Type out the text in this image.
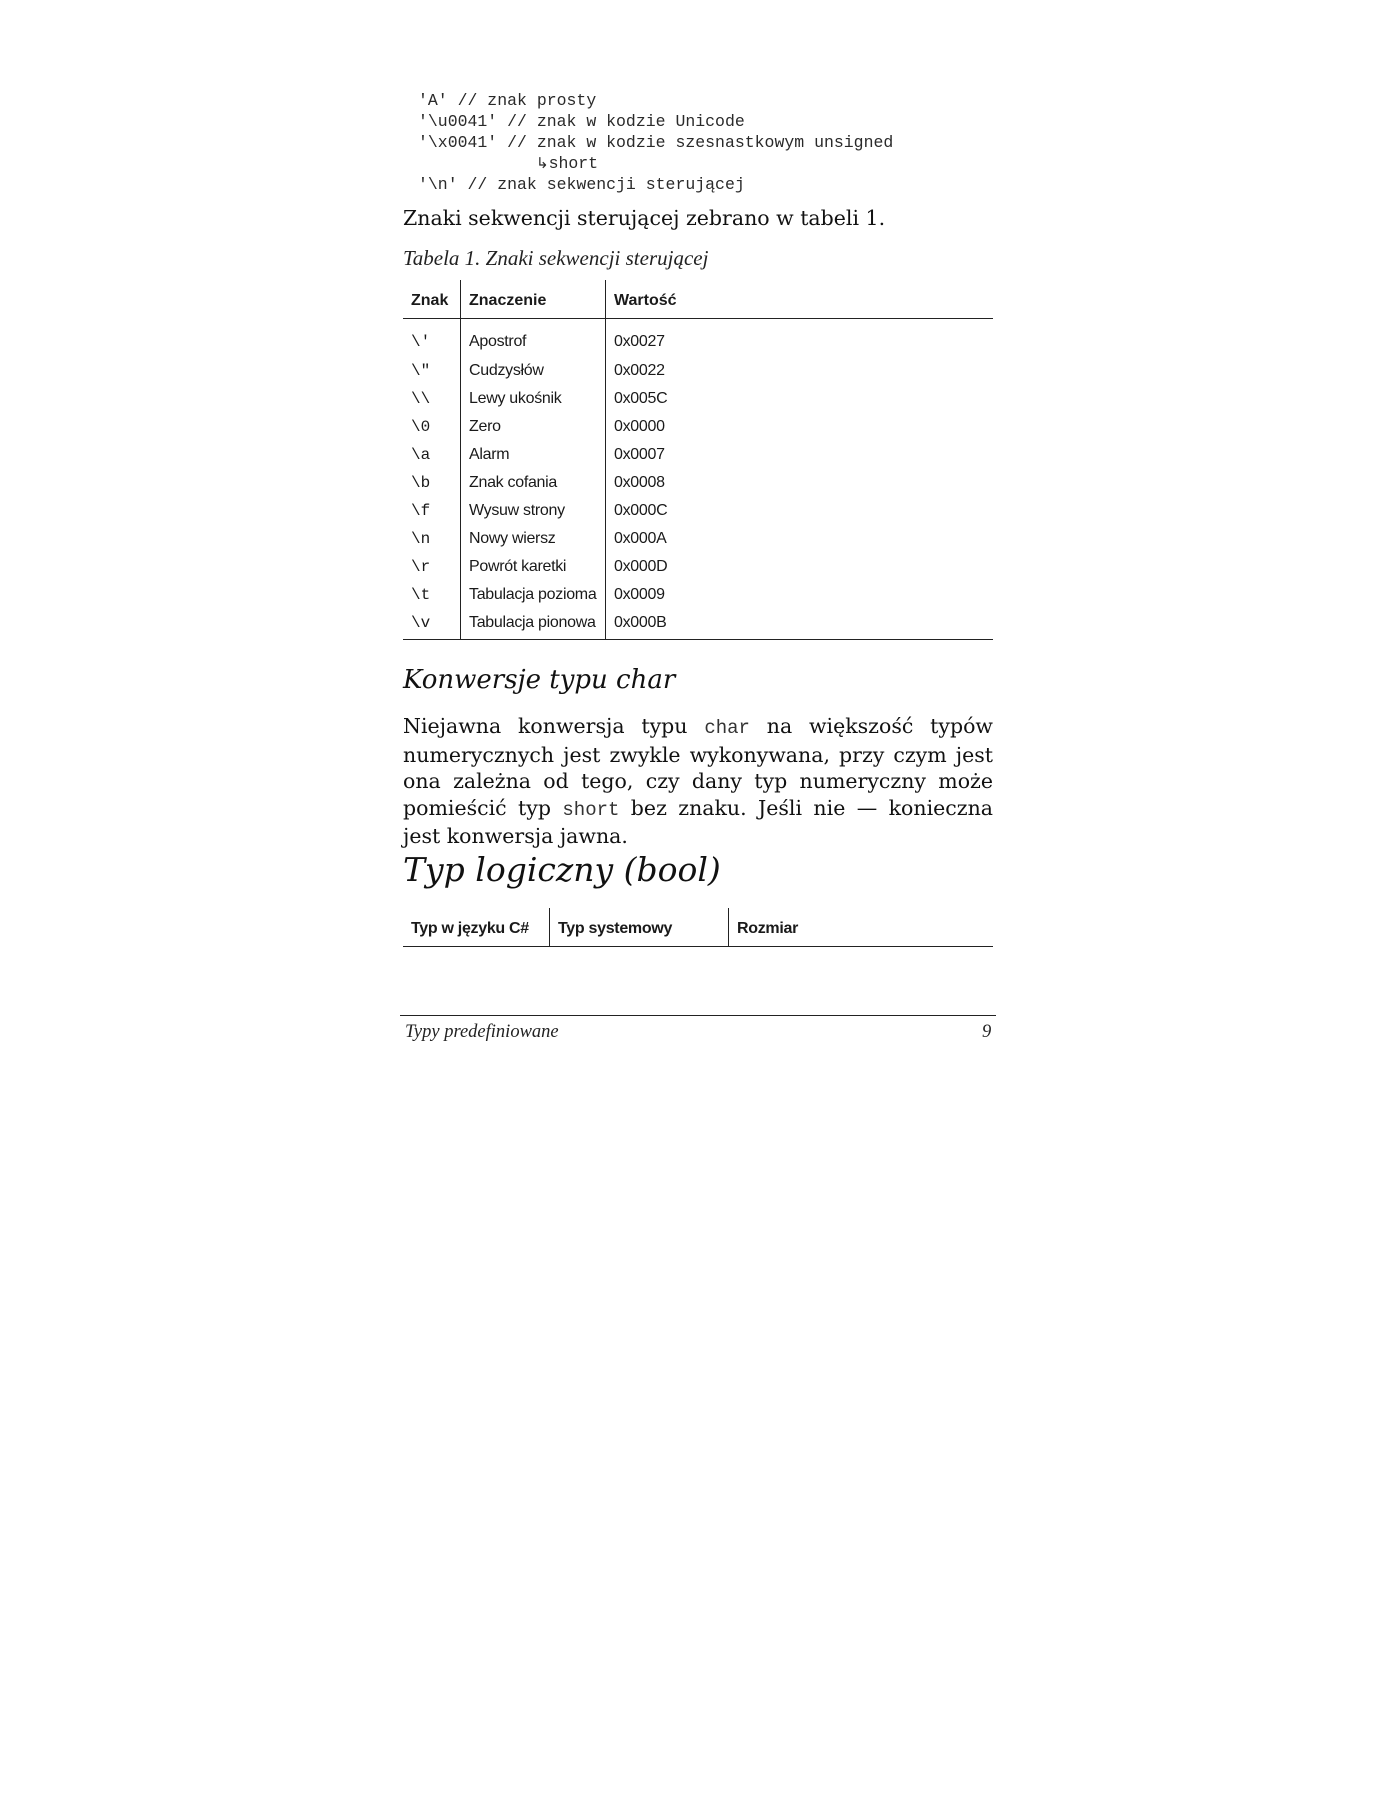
'A' // znak prosty
'\u0041' // znak w kodzie Unicode
'\x0041' // znak w kodzie szesnastkowym unsigned

↳short
'\n' // znak sekwencji sterującej

Znaki sekwencji sterującej zebrano w tabeli 1.

Tabela 1. Znaki sekwencji sterującej

Znak	Znaczenie	Wartość
\'	Apostrof	0x0027
\"	Cudzysłów	0x0022
\\	Lewy ukośnik	0x005C
\0	Zero	0x0000
\a	Alarm	0x0007
\b	Znak cofania	0x0008
\f	Wysuw strony	0x000C
\n	Nowy wiersz	0x000A
\r	Powrót karetki	0x000D
\t	Tabulacja pozioma	0x0009
\v	Tabulacja pionowa	0x000B
Konwersje typu char

Niejawna konwersja typu char na większość typów numerycznych jest zwykle wykonywana, przy czym jest ona zależna od tego, czy dany typ numeryczny może pomieścić typ short bez znaku. Jeśli nie — konieczna jest konwersja jawna.

Typ logiczny (bool)
Typ w języku C#	Typ systemowy	Rozmiar

Typy predefiniowane	9
